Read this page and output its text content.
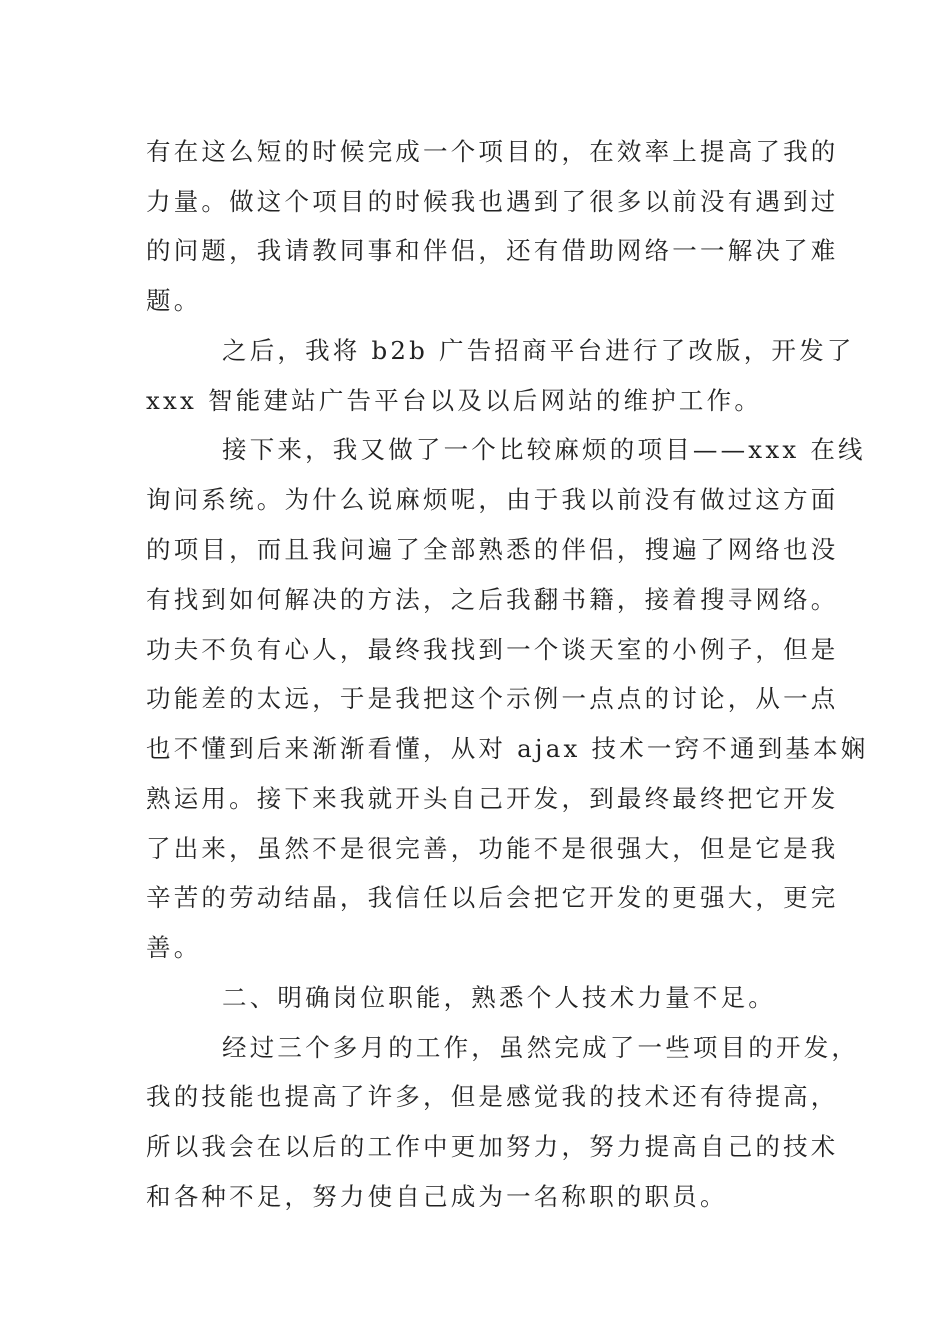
有在这么短的时候完成一个项目的，在效率上提高了我的

力量。做这个项目的时候我也遇到了很多以前没有遇到过

的问题，我请教同事和伴侣，还有借助网络一一解决了难

题。

之后，我将 b2b 广告招商平台进行了改版，开发了

xxx 智能建站广告平台以及以后网站的维护工作。

接下来，我又做了一个比较麻烦的项目——xxx 在线

询问系统。为什么说麻烦呢，由于我以前没有做过这方面

的项目，而且我问遍了全部熟悉的伴侣，搜遍了网络也没

有找到如何解决的方法，之后我翻书籍，接着搜寻网络。

功夫不负有心人，最终我找到一个谈天室的小例子，但是

功能差的太远，于是我把这个示例一点点的讨论，从一点

也不懂到后来渐渐看懂，从对 ajax 技术一窍不通到基本娴

熟运用。接下来我就开头自己开发，到最终最终把它开发

了出来，虽然不是很完善，功能不是很强大，但是它是我

辛苦的劳动结晶，我信任以后会把它开发的更强大，更完

善。

二、明确岗位职能，熟悉个人技术力量不足。

经过三个多月的工作，虽然完成了一些项目的开发，

我的技能也提高了许多，但是感觉我的技术还有待提高，

所以我会在以后的工作中更加努力，努力提高自己的技术

和各种不足，努力使自己成为一名称职的职员。
